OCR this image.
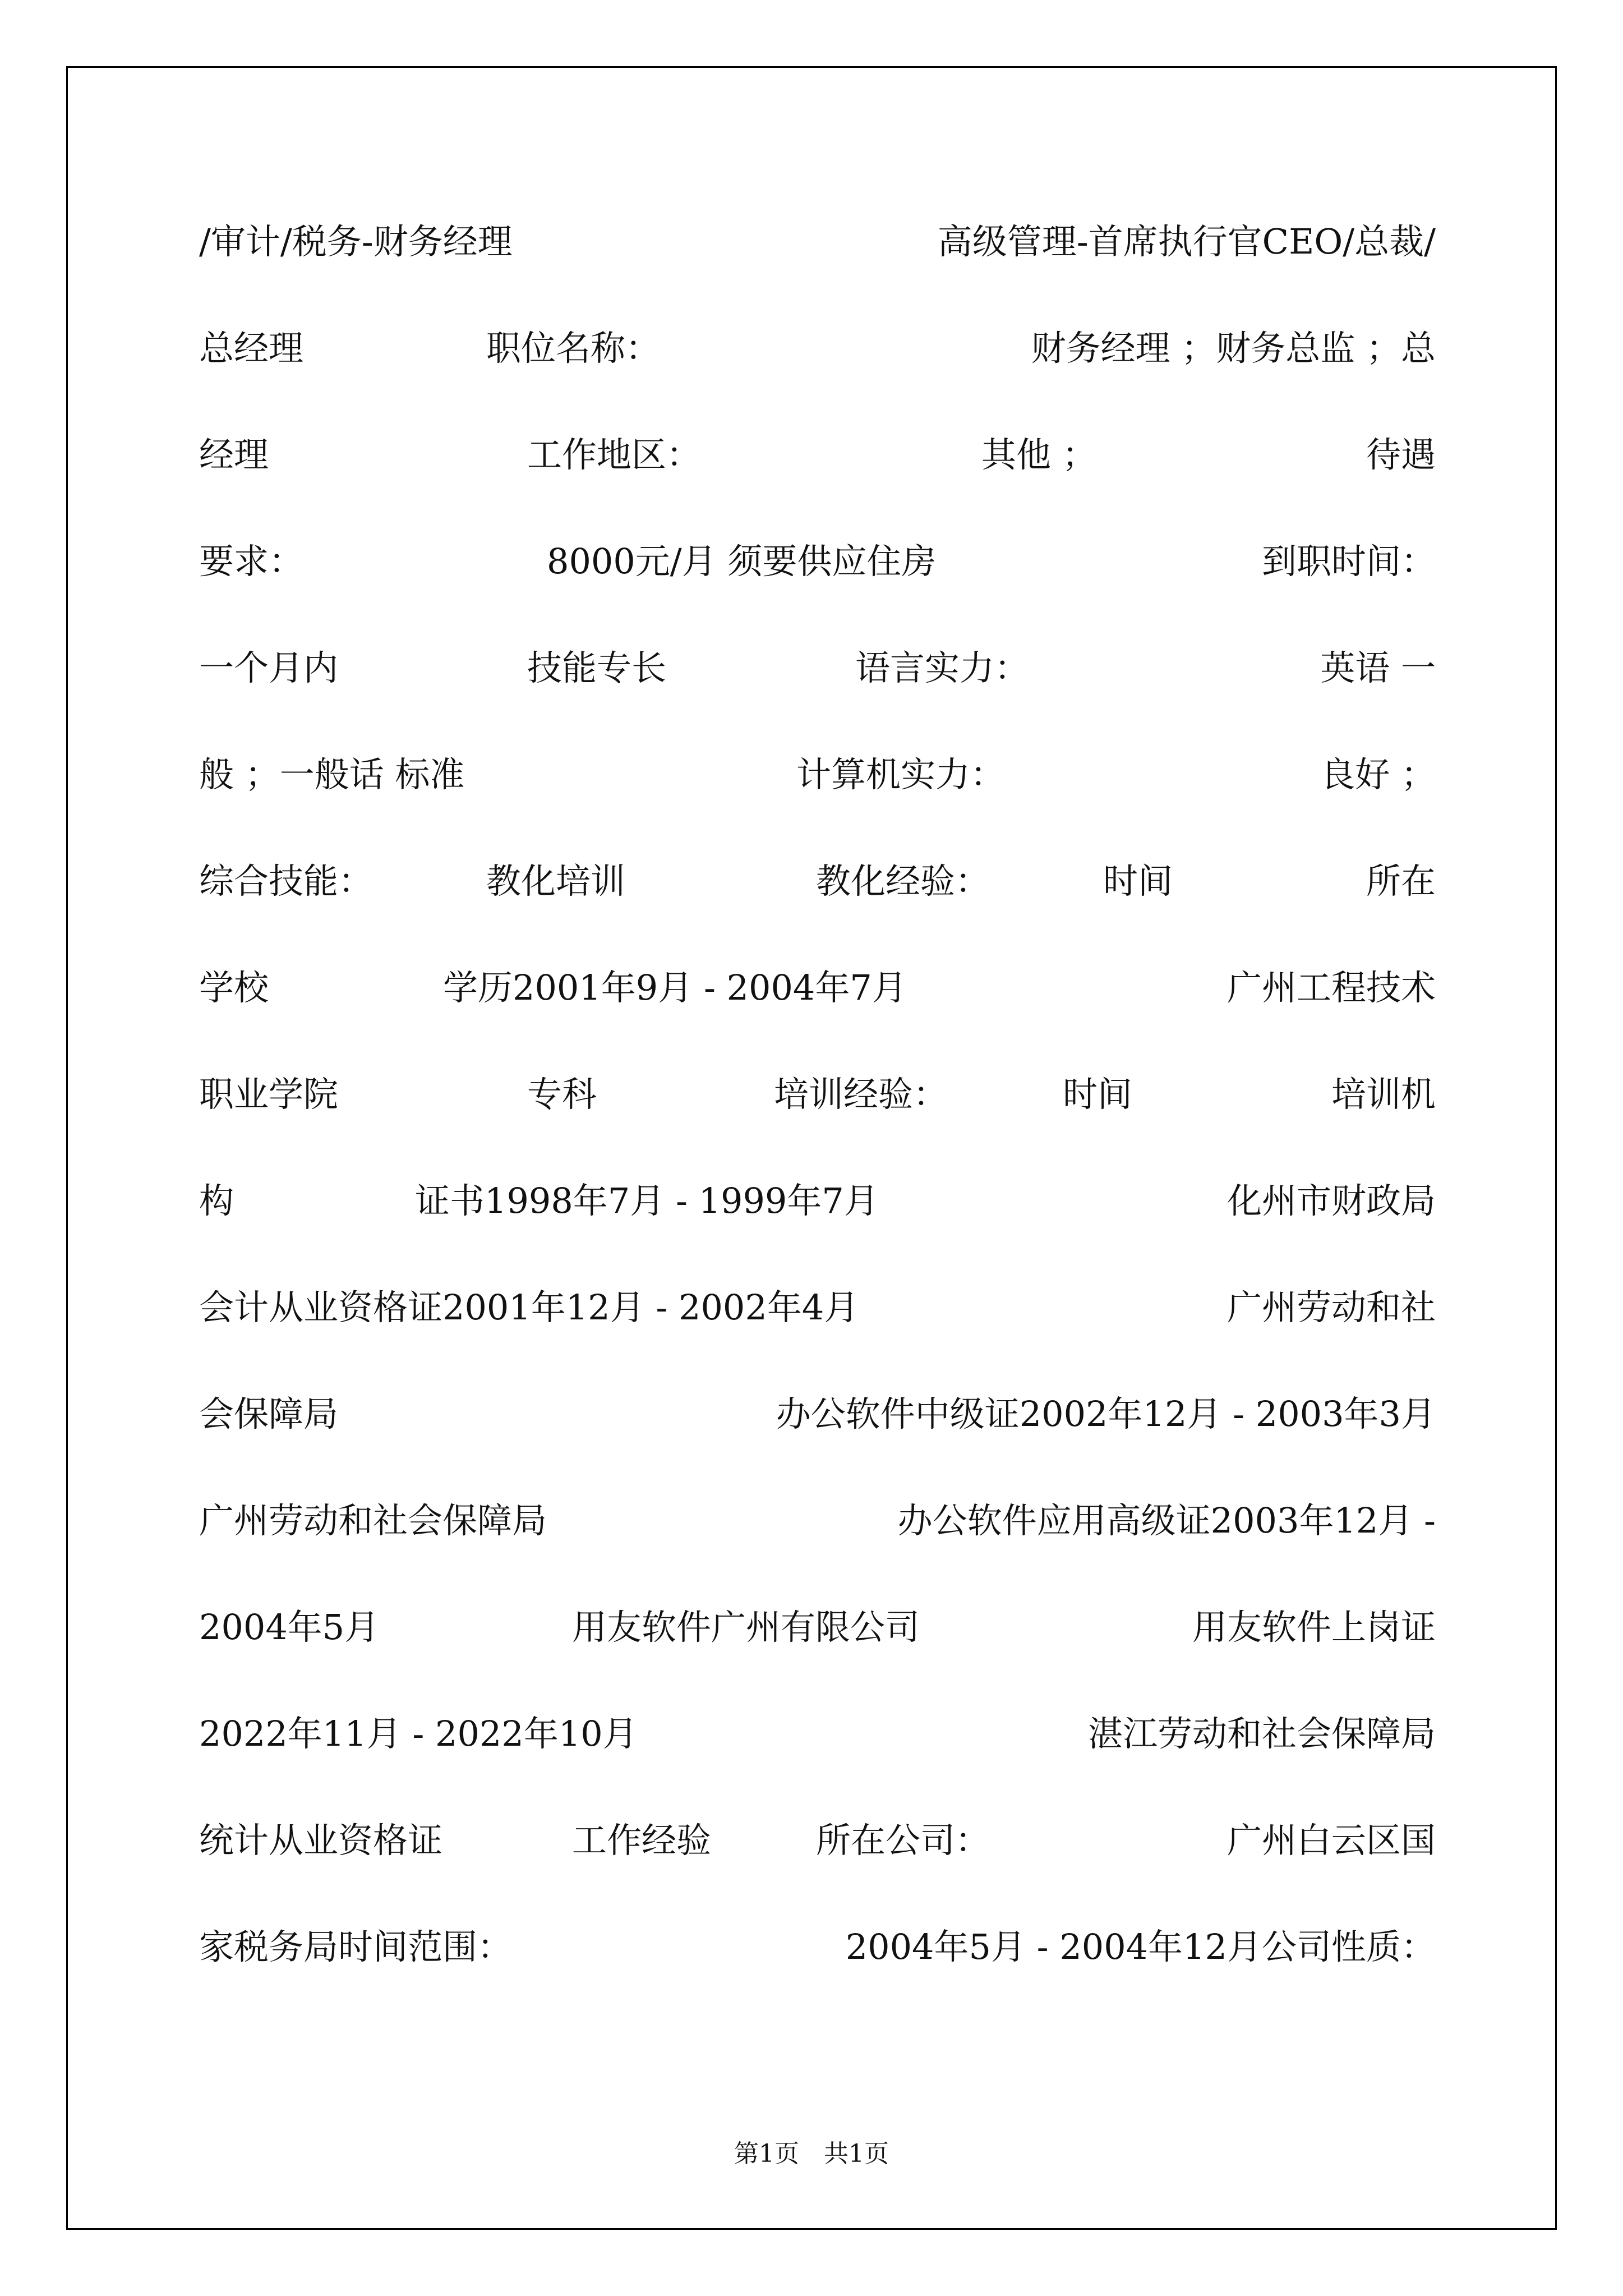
/审计/税务-财务经理	高级管理-首席执行官CEO/总裁/
总经理	职位名称：	财务经理 ；财务总监 ；总
经理	工作地区：	其他 ；	待遇
要求：	8000元/月 须要供应住房	到职时间：
一个月内	技能专长	语言实力：	英语 一
般 ；一般话 标准	计算机实力：	良好 ；
综合技能：	教化培训	教化经验：	时间	所在
学校	学历2001年9月 - 2004年7月	广州工程技术
职业学院	专科	培训经验：	时间	培训机
构	证书1998年7月 - 1999年7月	化州市财政局
会计从业资格证2001年12月 - 2002年4月	广州劳动和社
会保障局	办公软件中级证2002年12月 - 2003年3月
广州劳动和社会保障局	办公软件应用高级证2003年12月 -
2004年5月	用友软件广州有限公司	用友软件上岗证
2022年11月 - 2022年10月	湛江劳动和社会保障局
统计从业资格证	工作经验	所在公司：	广州白云区国
家税务局时间范围：	2004年5月 - 2004年12月公司性质：
第1页　共1页
